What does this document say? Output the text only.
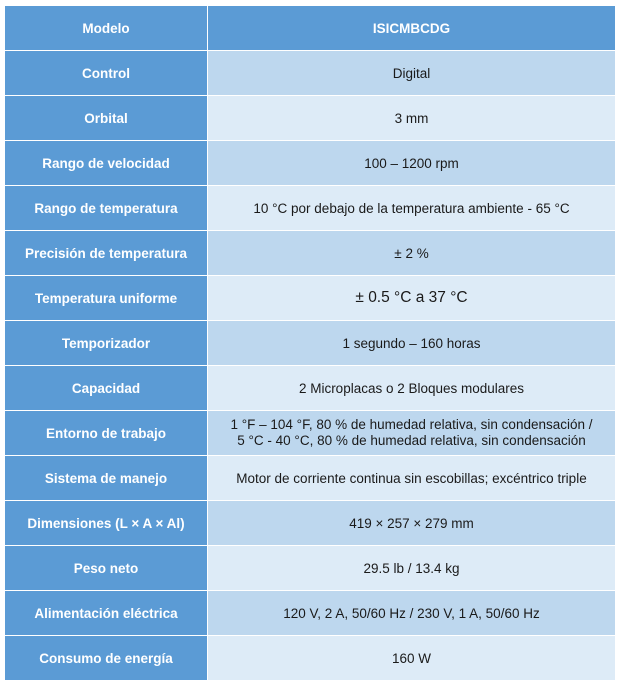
Modelo	ISICMBCDG
Control	Digital
Orbital	3 mm
Rango de velocidad	100 – 1200 rpm
Rango de temperatura	10 °C por debajo de la temperatura ambiente - 65 °C
Precisión de temperatura	± 2 %
Temperatura uniforme	± 0.5 °C a 37 °C
Temporizador	1 segundo – 160 horas
Capacidad	2 Microplacas o 2 Bloques modulares
Entorno de trabajo	1 °F – 104 °F, 80 % de humedad relativa, sin condensación /
5 °C - 40 °C, 80 % de humedad relativa, sin condensación

Sistema de manejo	Motor de corriente continua sin escobillas; excéntrico triple
Dimensiones (L × A × Al)	419 × 257 × 279 mm
Peso neto	29.5 lb / 13.4 kg
Alimentación eléctrica	120 V, 2 A, 50/60 Hz / 230 V, 1 A, 50/60 Hz
Consumo de energía	160 W
